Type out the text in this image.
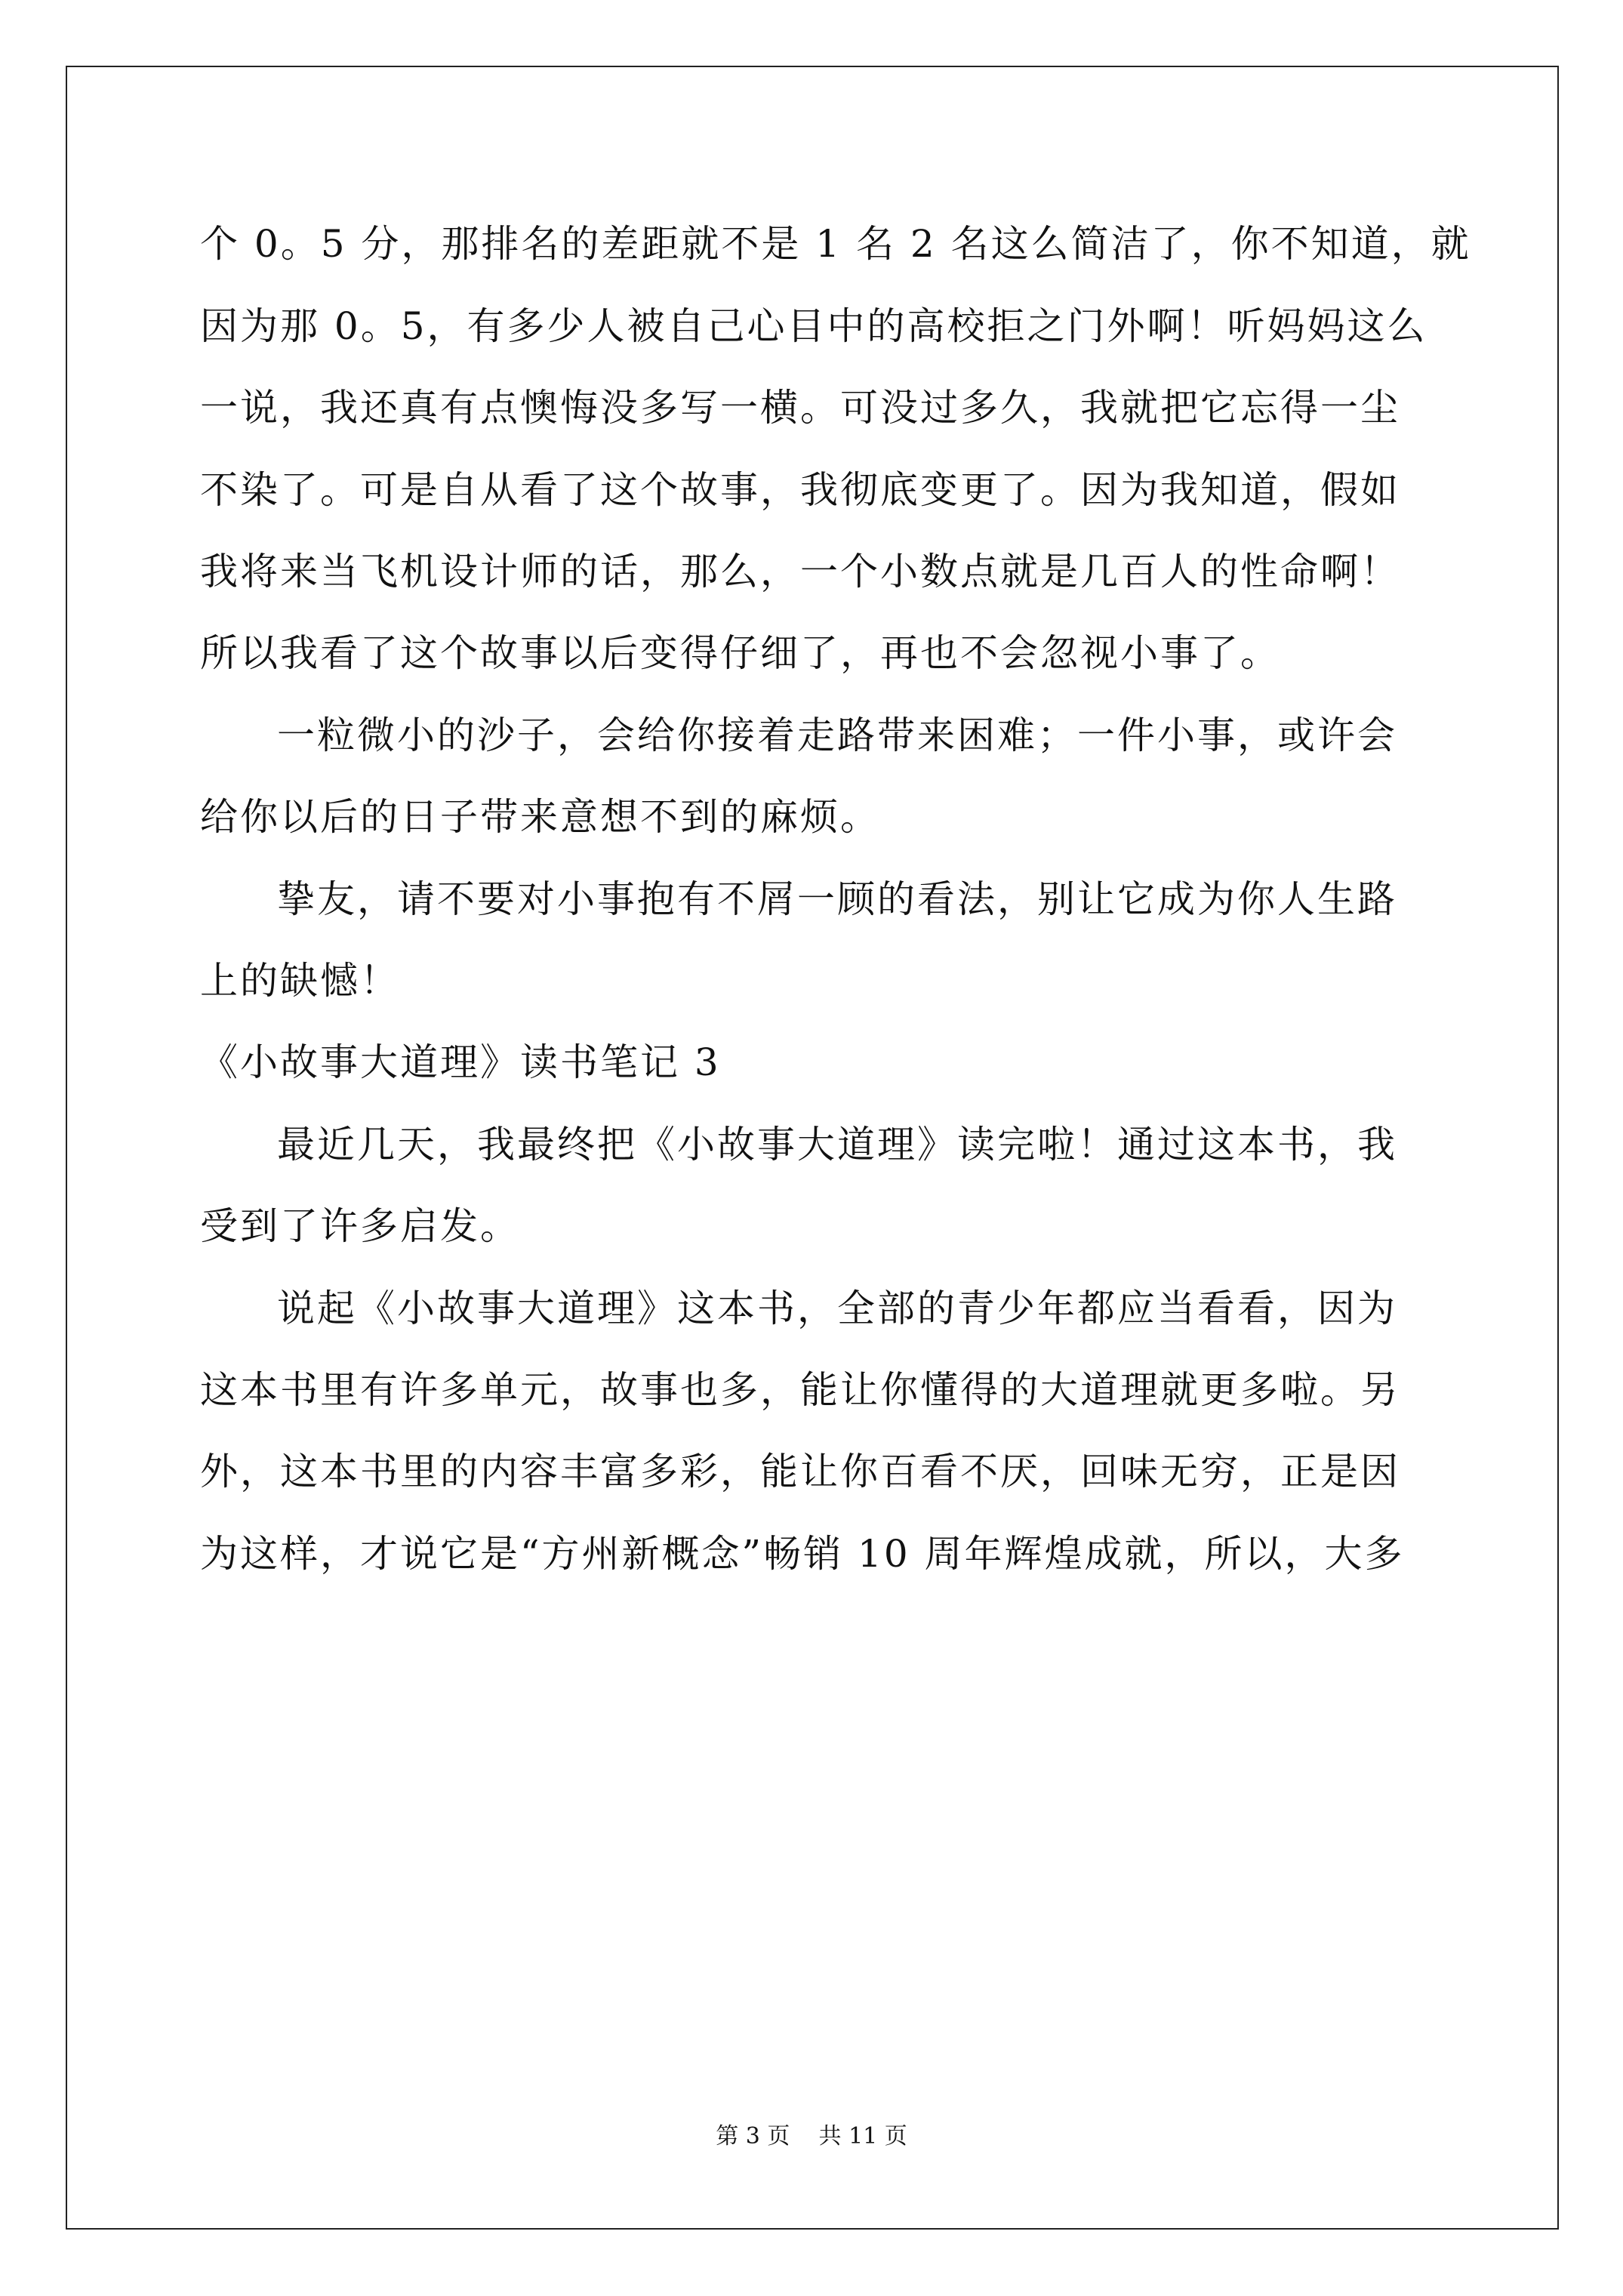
个 0。5 分，那排名的差距就不是 1 名 2 名这么简洁了，你不知道，就
因为那 0。5，有多少人被自己心目中的高校拒之门外啊！听妈妈这么
一说，我还真有点懊悔没多写一横。可没过多久，我就把它忘得一尘
不染了。可是自从看了这个故事，我彻底变更了。因为我知道，假如
我将来当飞机设计师的话，那么，一个小数点就是几百人的性命啊！
所以我看了这个故事以后变得仔细了，再也不会忽视小事了。
一粒微小的沙子，会给你接着走路带来困难；一件小事，或许会
给你以后的日子带来意想不到的麻烦。
挚友，请不要对小事抱有不屑一顾的看法，别让它成为你人生路
上的缺憾！
《小故事大道理》读书笔记 3
最近几天，我最终把《小故事大道理》读完啦！通过这本书，我
受到了许多启发。
说起《小故事大道理》这本书，全部的青少年都应当看看，因为
这本书里有许多单元，故事也多，能让你懂得的大道理就更多啦。另
外，这本书里的内容丰富多彩，能让你百看不厌，回味无穷，正是因
为这样，才说它是“方州新概念”畅销 10 周年辉煌成就，所以，大多
第 3 页 共 11 页
